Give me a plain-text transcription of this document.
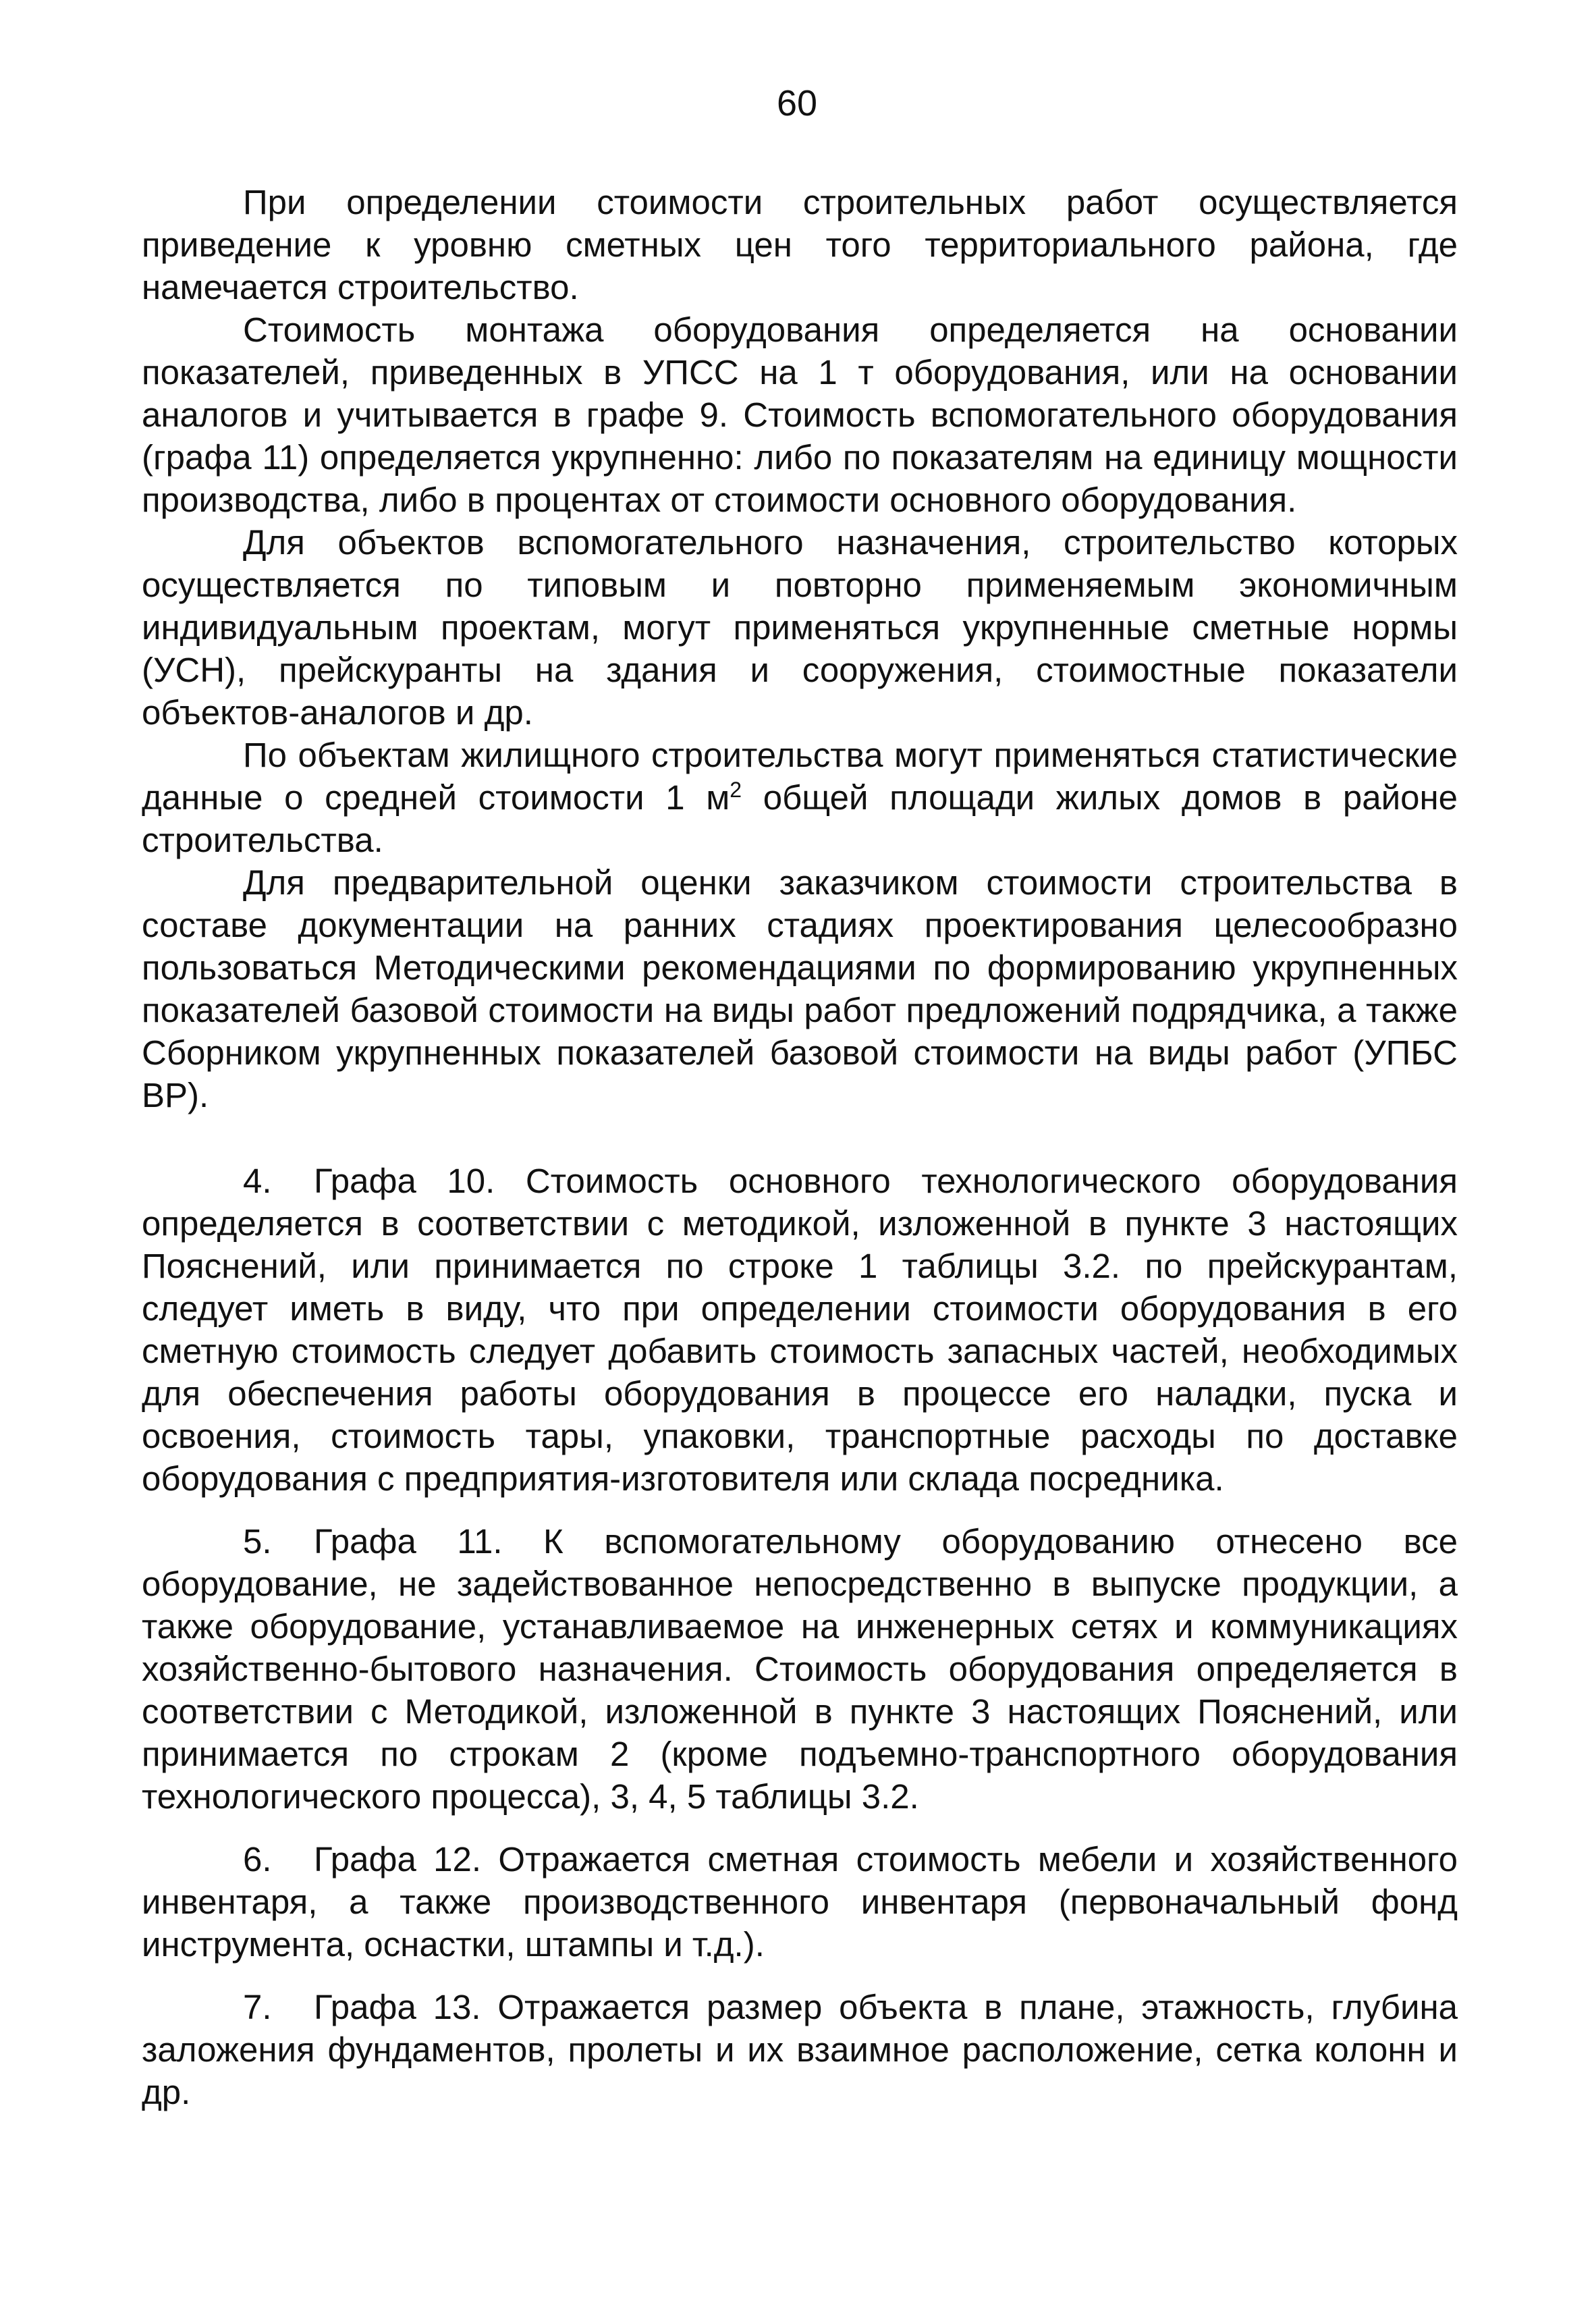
60

При определении стоимости строительных работ осуществляется приведение к уровню сметных цен того территориального района, где намечается строительство.

Стоимость монтажа оборудования определяется на основании показателей, приведенных в УПСС на 1 т оборудования, или на основании аналогов и учитывается в графе 9. Стоимость вспомогательного оборудования (графа 11) определяется укрупненно: либо по показателям на единицу мощности производства, либо в процентах от стоимости основного оборудования.

Для объектов вспомогательного назначения, строительство которых осуществляется по типовым и повторно применяемым экономичным индивидуальным проектам, могут применяться укрупненные сметные нормы (УСН), прейскуранты на здания и сооружения, стоимостные показатели объектов-аналогов и др.

По объектам жилищного строительства могут применяться статистические данные о средней стоимости 1 $м^2$ общей площади жилых домов в районе строительства.

Для предварительной оценки заказчиком стоимости строительства в составе документации на ранних стадиях проектирования целесообразно пользоваться Методическими рекомендациями по формированию укрупненных показателей базовой стоимости на виды работ предложений подрядчика, а также Сборником укрупненных показателей базовой стоимости на виды работ (УПБС ВР).

4. Графа 10. Стоимость основного технологического оборудования определяется в соответствии с методикой, изложенной в пункте 3 настоящих Пояснений, или принимается по строке 1 таблицы 3.2. по прейскурантам, следует иметь в виду, что при определении стоимости оборудования в его сметную стоимость следует добавить стоимость запасных частей, необходимых для обеспечения работы оборудования в процессе его наладки, пуска и освоения, стоимость тары, упаковки, транспортные расходы по доставке оборудования с предприятия-изготовителя или склада посредника.

5. Графа 11. К вспомогательному оборудованию отнесено все оборудование, не задействованное непосредственно в выпуске продукции, а также оборудование, устанавливаемое на инженерных сетях и коммуникациях хозяйственно-бытового назначения. Стоимость оборудования определяется в соответствии с Методикой, изложенной в пункте 3 настоящих Пояснений, или принимается по строкам 2 (кроме подъемно-транспортного оборудования технологического процесса), 3, 4, 5 таблицы 3.2.

6. Графа 12. Отражается сметная стоимость мебели и хозяйственного инвентаря, а также производственного инвентаря (первоначальный фонд инструмента, оснастки, штампы и т.д.).

7. Графа 13. Отражается размер объекта в плане, этажность, глубина заложения фундаментов, пролеты и их взаимное расположение, сетка колонн и др.
